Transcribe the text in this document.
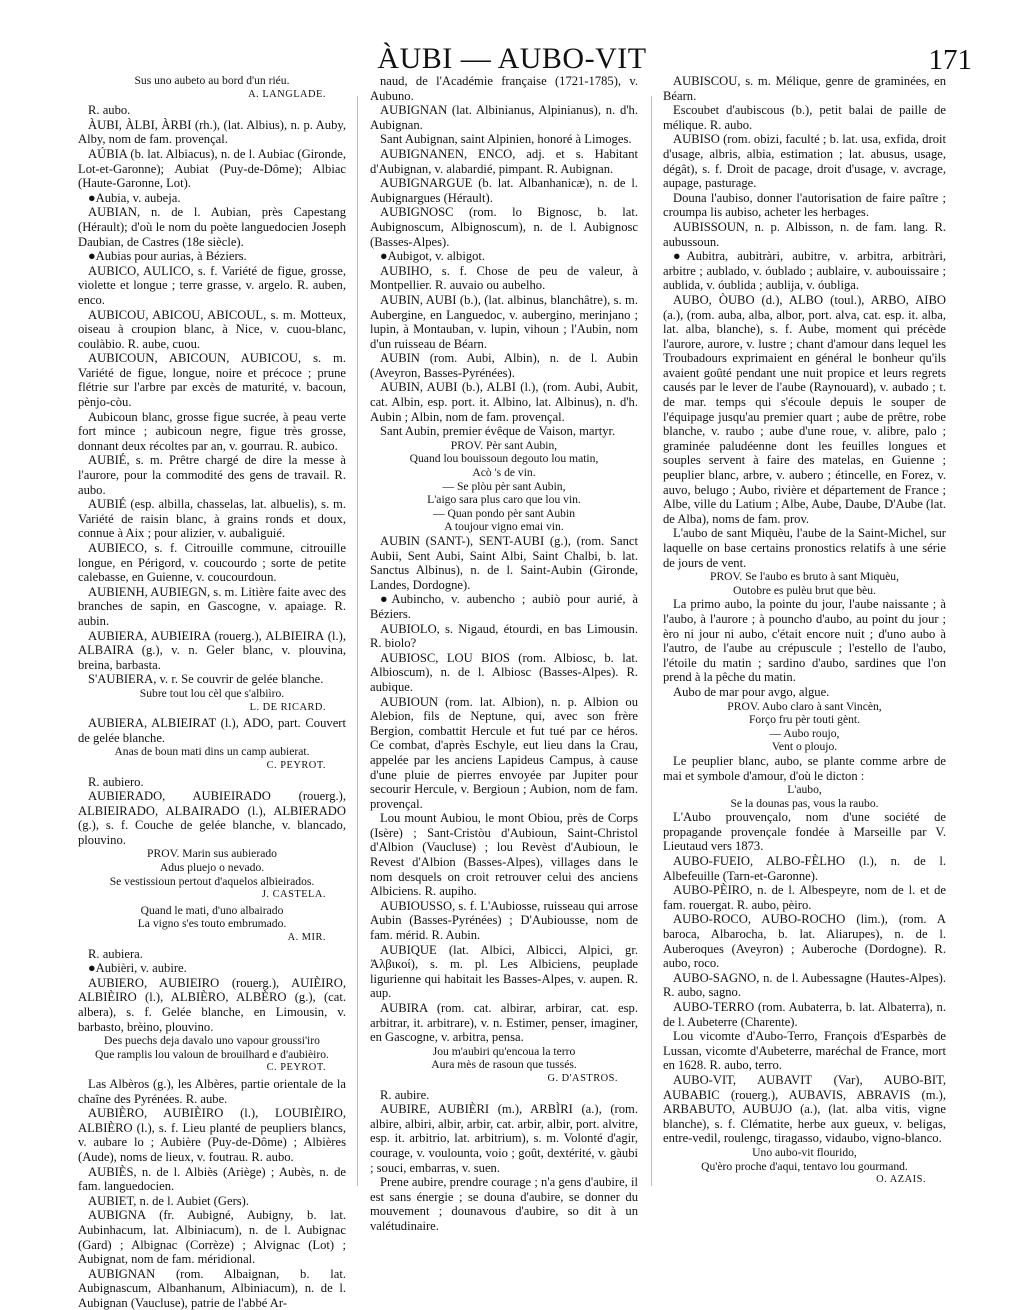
ÀUBI — AUBO-VIT	171

Sus uno aubeto au bord d'un riéu.

A. LANGLADE.

R. aubo.

ÀUBI, ÀLBI, ÀRBI (rh.), (lat. Albius), n. p. Auby, Alby, nom de fam. provençal.

AÚBIA (b. lat. Albiacus), n. de l. Aubiac (Gironde, Lot-et-Garonne); Aubiat (Puy-de-Dôme); Albiac (Haute-Garonne, Lot).

●Aubia, v. aubeja.

AUBIAN, n. de l. Aubian, près Capestang (Hérault); d'où le nom du poète languedocien Joseph Daubian, de Castres (18e siècle).

●Aubias pour aurias, à Béziers.

AUBICO, AULICO, s. f. Variété de figue, grosse, violette et longue ; terre grasse, v. argelo. R. auben, enco.

AUBICOU, ABICOU, ABICOUL, s. m. Motteux, oiseau à croupion blanc, à Nice, v. cuou-blanc, coulàbio. R. aube, cuou.

AUBICOUN, ABICOUN, AUBICOU, s. m. Variété de figue, longue, noire et précoce ; prune flétrie sur l'arbre par excès de maturité, v. bacoun, pènjo-còu.

Aubicoun blanc, grosse figue sucrée, à peau verte fort mince ; aubicoun negre, figue très grosse, donnant deux récoltes par an, v. gourrau. R. aubico.

AUBIÉ, s. m. Prêtre chargé de dire la messe à l'aurore, pour la commodité des gens de travail. R. aubo.

AUBIÉ (esp. albilla, chasselas, lat. albuelis), s. m. Variété de raisin blanc, à grains ronds et doux, connue à Aix ; pour alizier, v. aubaliguié.

AUBIECO, s. f. Citrouille commune, citrouille longue, en Périgord, v. coucourdo ; sorte de petite calebasse, en Guienne, v. coucourdoun.

AUBIENH, AUBIEGN, s. m. Litière faite avec des branches de sapin, en Gascogne, v. apaiage. R. aubin.

AUBIERA, AUBIEIRA (rouerg.), ALBIEIRA (l.), ALBAIRA (g.), v. n. Geler blanc, v. plouvina, breina, barbasta.

S'AUBIERA, v. r. Se couvrir de gelée blanche.

Subre tout lou cèl que s'albiìro.

L. DE RICARD.

AUBIERA, ALBIEIRAT (l.), ADO, part. Couvert de gelée blanche.

Anas de boun mati dins un camp aubierat.

C. PEYROT.

R. aubiero.

AUBIERADO, AUBIEIRADO (rouerg.), ALBIEIRADO, ALBAIRADO (l.), ALBIERADO (g.), s. f. Couche de gelée blanche, v. blancado, plouvino.

PROV. Marin sus aubierado

Adus pluejo o nevado.

Se vestissioun pertout d'aquelos albieirados.

J. CASTELA.

Quand le mati, d'uno albairado

La vigno s'es touto embrumado.

A. MIR.

R. aubiera.

●Aubièri, v. aubire.

AUBIERO, AUBIEIRO (rouerg.), AUIÈIRO, ALBIÈIRO (l.), ALBIÈRO, ALBÈRO (g.), (cat. albera), s. f. Gelée blanche, en Limousin, v. barbasto, brèino, plouvino.

Des puechs deja davalo uno vapour groussi'iro

Que ramplis lou valoun de brouilhard e d'aubièiro.

C. PEYROT.

Las Albèros (g.), les Albères, partie orientale de la chaîne des Pyrénées. R. aube.

AUBIÈRO, AUBIÈIRO (l.), LOUBIÈIRO, ALBIÈRO (l.), s. f. Lieu planté de peupliers blancs, v. aubare lo ; Aubière (Puy-de-Dôme) ; Albières (Aude), noms de lieux, v. foutrau. R. aubo.

AUBIÈS, n. de l. Albiès (Ariège) ; Aubès, n. de fam. languedocien.

AUBIET, n. de l. Aubiet (Gers).

AUBIGNA (fr. Aubigné, Aubigny, b. lat. Aubinhacum, lat. Albiniacum), n. de l. Aubignac (Gard) ; Albignac (Corrèze) ; Alvignac (Lot) ; Aubignat, nom de fam. méridional.

AUBIGNAN (rom. Albaignan, b. lat. Aubignascum, Albanhanum, Albiniacum), n. de l. Aubignan (Vaucluse), patrie de l'abbé Ar-

naud, de l'Académie française (1721-1785), v. Aubuno.

AUBIGNAN (lat. Albinianus, Alpinianus), n. d'h. Aubignan.

Sant Aubignan, saint Alpinien, honoré à Limoges.

AUBIGNANEN, ENCO, adj. et s. Habitant d'Aubignan, v. alabardié, pimpant. R. Aubignan.

AUBIGNARGUE (b. lat. Albanhanicæ), n. de l. Aubignargues (Hérault).

AUBIGNOSC (rom. lo Bignosc, b. lat. Aubignoscum, Albignoscum), n. de l. Aubignosc (Basses-Alpes).

●Aubigot, v. albigot.

AUBIHO, s. f. Chose de peu de valeur, à Montpellier. R. auvaio ou aubelho.

AUBIN, AUBI (b.), (lat. albinus, blanchâtre), s. m. Aubergine, en Languedoc, v. aubergino, merinjano ; lupin, à Montauban, v. lupin, vihoun ; l'Aubin, nom d'un ruisseau de Béarn.

AUBIN (rom. Aubi, Albin), n. de l. Aubin (Aveyron, Basses-Pyrénées).

AUBIN, AUBI (b.), ALBI (l.), (rom. Aubi, Aubit, cat. Albin, esp. port. it. Albino, lat. Albinus), n. d'h. Aubin ; Albin, nom de fam. provençal.

Sant Aubin, premier évêque de Vaison, martyr.

PROV. Pèr sant Aubin,

Quand lou bouissoun degouto lou matin,

Acò 's de vin.

— Se plòu pèr sant Aubin,

L'aigo sara plus caro que lou vin.

— Quan pondo pèr sant Aubin

A toujour vigno emai vin.

AUBIN (SANT-), SENT-AUBI (g.), (rom. Sanct Aubii, Sent Aubi, Saint Albi, Saint Chalbi, b. lat. Sanctus Albinus), n. de l. Saint-Aubin (Gironde, Landes, Dordogne).

●Aubincho, v. aubencho ; aubiò pour aurié, à Béziers.

AUBIOLO, s. Nigaud, étourdi, en bas Limousin. R. biolo?

AUBIOSC, LOU BIOS (rom. Albiosc, b. lat. Albioscum), n. de l. Albiosc (Basses-Alpes). R. aubique.

AUBIOUN (rom. lat. Albion), n. p. Albion ou Alebion, fils de Neptune, qui, avec son frère Bergion, combattit Hercule et fut tué par ce héros. Ce combat, d'après Eschyle, eut lieu dans la Crau, appelée par les anciens Lapideus Campus, à cause d'une pluie de pierres envoyée par Jupiter pour secourir Hercule, v. Bergioun ; Aubion, nom de fam. provençal.

Lou mount Aubiou, le mont Obiou, près de Corps (Isère) ; Sant-Cristòu d'Aubioun, Saint-Christol d'Albion (Vaucluse) ; lou Revèst d'Aubioun, le Revest d'Albion (Basses-Alpes), villages dans le nom desquels on croit retrouver celui des anciens Albiciens. R. aupiho.

AUBIOUSSO, s. f. L'Aubiosse, ruisseau qui arrose Aubin (Basses-Pyrénées) ; D'Aubiousse, nom de fam. mérid. R. Aubin.

AUBIQUE (lat. Albici, Albicci, Alpici, gr. Ἀλβικοί), s. m. pl. Les Albiciens, peuplade ligurienne qui habitait les Basses-Alpes, v. aupen. R. aup.

AUBIRA (rom. cat. albirar, arbirar, cat. esp. arbitrar, it. arbitrare), v. n. Estimer, penser, imaginer, en Gascogne, v. arbitra, pensa.

Jou m'aubiri qu'encoua la terro

Aura mès de rasoun que tussés.

G. D'ASTROS.

R. aubire.

AUBIRE, AUBIÈRI (m.), ARBÌRI (a.), (rom. albire, albiri, albir, arbir, cat. arbir, albir, port. alvitre, esp. it. arbitrio, lat. arbitrium), s. m. Volonté d'agir, courage, v. voulounta, voio ; goût, dextérité, v. gàubi ; souci, embarras, v. suen.

Prene aubire, prendre courage ; n'a gens d'aubire, il est sans énergie ; se douna d'aubire, se donner du mouvement ; dounavous d'aubire, so dit à un valétudinaire.

AUBISCOU, s. m. Mélique, genre de graminées, en Béarn.

Escoubet d'aubiscous (b.), petit balai de paille de mélique. R. aubo.

AUBISO (rom. obizi, faculté ; b. lat. usa, exfida, droit d'usage, albris, albia, estimation ; lat. abusus, usage, dégât), s. f. Droit de pacage, droit d'usage, v. avcrage, aupage, pasturage.

Douna l'aubiso, donner l'autorisation de faire paître ; croumpa lis aubiso, acheter les herbages.

AUBISSOUN, n. p. Albisson, n. de fam. lang. R. aubussoun.

●Aubitra, aubitràri, aubitre, v. arbitra, arbitràri, arbitre ; aublado, v. óublado ; aublaire, v. aubouissaire ; aublida, v. óublida ; aublija, v. óubliga.

AUBO, ÒUBO (d.), ALBO (toul.), ARBO, AIBO (a.), (rom. auba, alba, albor, port. alva, cat. esp. it. alba, lat. alba, blanche), s. f. Aube, moment qui précède l'aurore, aurore, v. lustre ; chant d'amour dans lequel les Troubadours exprimaient en général le bonheur qu'ils avaient goûté pendant une nuit propice et leurs regrets causés par le lever de l'aube (Raynouard), v. aubado ; t. de mar. temps qui s'écoule depuis le souper de l'équipage jusqu'au premier quart ; aube de prêtre, robe blanche, v. raubo ; aube d'une roue, v. alibre, palo ; graminée paludéenne dont les feuilles longues et souples servent à faire des matelas, en Guienne ; peuplier blanc, arbre, v. aubero ; étincelle, en Forez, v. auvo, belugo ; Aubo, rivière et département de France ; Albe, ville du Latium ; Albe, Aube, Daube, D'Aube (lat. de Alba), noms de fam. prov.

L'aubo de sant Miquèu, l'aube de la Saint-Michel, sur laquelle on base certains pronostics relatifs à une série de jours de vent.

PROV. Se l'aubo es bruto à sant Miquèu,

Outobre es pulèu brut que bèu.

La primo aubo, la pointe du jour, l'aube naissante ; à l'aubo, à l'aurore ; à pouncho d'aubo, au point du jour ; èro ni jour ni aubo, c'était encore nuit ; d'uno aubo à l'autro, de l'aube au crépuscule ; l'estello de l'aubo, l'étoile du matin ; sardino d'aubo, sardines que l'on prend à la pêche du matin.

Aubo de mar pour avgo, algue.

PROV. Aubo claro à sant Vincèn,

Forço fru pèr touti gènt.

— Aubo roujo,

Vent o ploujo.

Le peuplier blanc, aubo, se plante comme arbre de mai et symbole d'amour, d'où le dicton :

L'aubo,

Se la dounas pas, vous la raubo.

L'Aubo prouvençalo, nom d'une société de propagande provençale fondée à Marseille par V. Lieutaud vers 1873.

AUBO-FUEIO, ALBO-FÈLHO (l.), n. de l. Albefeuille (Tarn-et-Garonne).

AUBO-PÈIRO, n. de l. Albespeyre, nom de l. et de fam. rouergat. R. aubo, pèiro.

AUBO-ROCO, AUBO-ROCHO (lim.), (rom. A baroca, Albarocha, b. lat. Aliarupes), n. de l. Auberoques (Aveyron) ; Auberoche (Dordogne). R. aubo, roco.

AUBO-SAGNO, n. de l. Aubessagne (Hautes-Alpes). R. aubo, sagno.

AUBO-TERRO (rom. Aubaterra, b. lat. Albaterra), n. de l. Aubeterre (Charente).

Lou vicomte d'Aubo-Terro, François d'Esparbès de Lussan, vicomte d'Aubeterre, maréchal de France, mort en 1628. R. aubo, terro.

AUBO-VIT, AUBAVIT (Var), AUBO-BIT, AUBABIC (rouerg.), AUBAVIS, ABRAVIS (m.), ARBABUTO, AUBUJO (a.), (lat. alba vitis, vigne blanche), s. f. Clématite, herbe aux gueux, v. beligas, entre-vedil, roulengc, tiragasso, vidaubo, vigno-blanco.

Uno aubo-vit flourido,

Qu'èro proche d'aqui, tentavo lou gourmand.

O. AZAIS.
